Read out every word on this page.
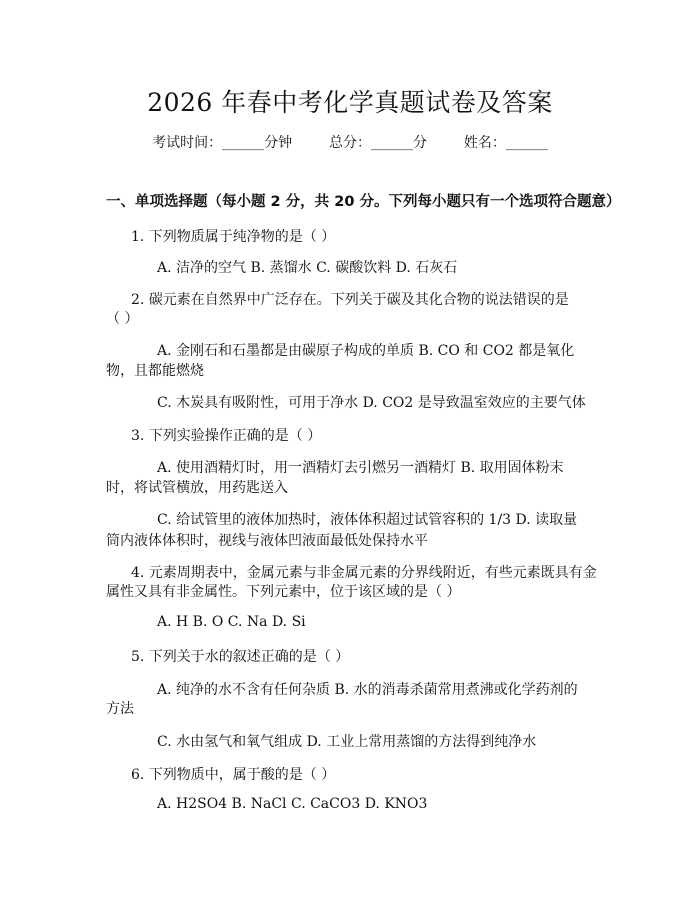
2026 年春中考化学真题试卷及答案
考试时间：______分钟	总分：______分	姓名：______
一、单项选择题（每小题 2 分，共 20 分。下列每小题只有一个选项符合题意）
1. 下列物质属于纯净物的是（ ）
A. 洁净的空气 B. 蒸馏水 C. 碳酸饮料 D. 石灰石
2. 碳元素在自然界中广泛存在。下列关于碳及其化合物的说法错误的是
（ ）
A. 金刚石和石墨都是由碳原子构成的单质 B. CO 和 CO2 都是氧化
物，且都能燃烧
C. 木炭具有吸附性，可用于净水 D. CO2 是导致温室效应的主要气体
3. 下列实验操作正确的是（ ）
A. 使用酒精灯时，用一酒精灯去引燃另一酒精灯 B. 取用固体粉末
时，将试管横放，用药匙送入
C. 给试管里的液体加热时，液体体积超过试管容积的 1/3 D. 读取量
筒内液体体积时，视线与液体凹液面最低处保持水平
4. 元素周期表中，金属元素与非金属元素的分界线附近，有些元素既具有金
属性又具有非金属性。下列元素中，位于该区域的是（ ）
A. H B. O C. Na D. Si
5. 下列关于水的叙述正确的是（ ）
A. 纯净的水不含有任何杂质 B. 水的消毒杀菌常用煮沸或化学药剂的
方法
C. 水由氢气和氧气组成 D. 工业上常用蒸馏的方法得到纯净水
6. 下列物质中，属于酸的是（ ）
A. H2SO4 B. NaCl C. CaCO3 D. KNO3
